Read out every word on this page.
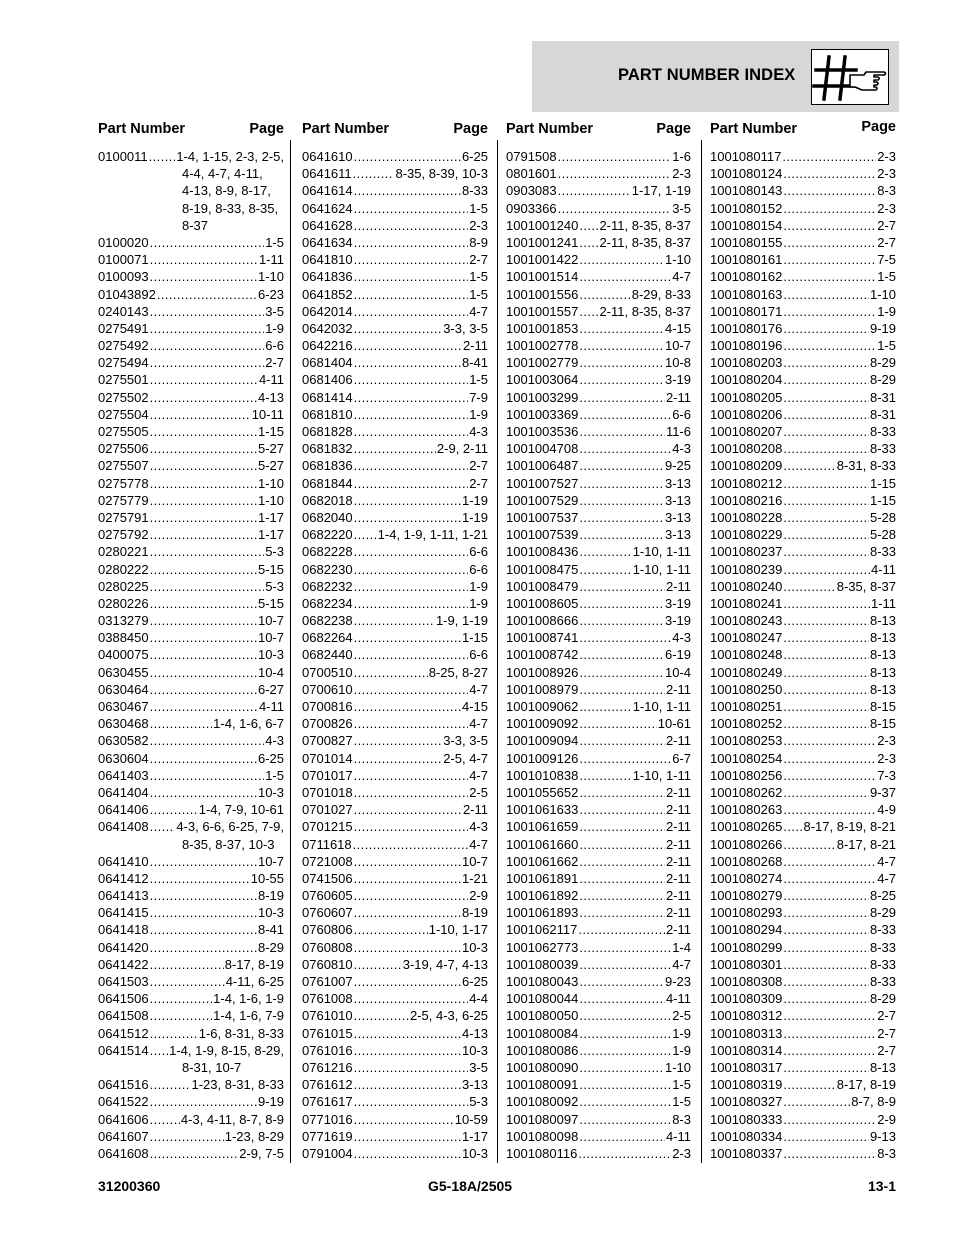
PART NUMBER INDEX
Part Number	Page
0100011 ..... 1-4, 1-15, 2-3, 2-5,
4-4, 4-7, 4-11,
4-13, 8-9, 8-17,
8-19, 8-33, 8-35,
8-37
0100020 .....	1-5
0100071 .....	1-11
0100093 .....	1-10
01043892 .....	6-23
0240143 .....	3-5
0275491 .....	1-9
0275492 .....	6-6
0275494 .....	2-7
0275501 .....	4-11
0275502 .....	4-13
0275504 .....	10-11
0275505 .....	1-15
0275506 .....	5-27
0275507 .....	5-27
0275778 .....	1-10
0275779 .....	1-10
0275791 .....	1-17
0275792 .....	1-17
0280221 .....	5-3
0280222 .....	5-15
0280225 .....	5-3
0280226 .....	5-15
0313279 .....	10-7
0388450 .....	10-7
0400075 .....	10-3
0630455 .....	10-4
0630464 .....	6-27
0630467 .....	4-11
0630468 .....	1-4, 1-6, 6-7
0630582 .....	4-3
0630604 .....	6-25
0641403 .....	1-5
0641404 .....	10-3
0641406 .....	1-4, 7-9, 10-61
0641408 ..... 4-3, 6-6, 6-25, 7-9,
8-35, 8-37, 10-3
0641410 .....	10-7
0641412 .....	10-55
0641413 .....	8-19
0641415 .....	10-3
0641418 .....	8-41
0641420 .....	8-29
0641422 .....	8-17, 8-19
0641503 .....	4-11, 6-25
0641506 .....	1-4, 1-6, 1-9
0641508 .....	1-4, 1-6, 7-9
0641512 .....	1-6, 8-31, 8-33
0641514 ..... 1-4, 1-9, 8-15, 8-29,
8-31, 10-7
0641516 .....	1-23, 8-31, 8-33
0641522 .....	9-19
0641606 ..... 4-3, 4-11, 8-7, 8-9
0641607 .....	1-23, 8-29
0641608 .....	2-9, 7-5
Part Number	Page
0641610 .....	6-25
0641611 .....	8-35, 8-39, 10-3
0641614 .....	8-33
0641624 .....	1-5
0641628 .....	2-3
0641634 .....	8-9
0641810 .....	2-7
0641836 .....	1-5
0641852 .....	1-5
0642014 .....	4-7
0642032 .....	3-3, 3-5
0642216 .....	2-11
0681404 .....	8-41
0681406 .....	1-5
0681414 .....	7-9
0681810 .....	1-9
0681828 .....	4-3
0681832 .....	2-9, 2-11
0681836 .....	2-7
0681844 .....	2-7
0682018 .....	1-19
0682040 .....	1-19
0682220 ..... 1-4, 1-9, 1-11, 1-21
0682228 .....	6-6
0682230 .....	6-6
0682232 .....	1-9
0682234 .....	1-9
0682238 .....	1-9, 1-19
0682264 .....	1-15
0682440 .....	6-6
0700510 .....	8-25, 8-27
0700610 .....	4-7
0700816 .....	4-15
0700826 .....	4-7
0700827 .....	3-3, 3-5
0701014 .....	2-5, 4-7
0701017 .....	4-7
0701018 .....	2-5
0701027 .....	2-11
0701215 .....	4-3
0711618 .....	4-7
0721008 .....	10-7
0741506 .....	1-21
0760605 .....	2-9
0760607 .....	8-19
0760806 .....	1-10, 1-17
0760808 .....	10-3
0760810 .....	3-19, 4-7, 4-13
0761007 .....	6-25
0761008 .....	4-4
0761010 .....	2-5, 4-3, 6-25
0761015 .....	4-13
0761016 .....	10-3
0761216 .....	3-5
0761612 .....	3-13
0761617 .....	5-3
0771016 .....	10-59
0771619 .....	1-17
0791004 .....	10-3
Part Number	Page
0791508 .....	1-6
0801601 .....	2-3
0903083 .....	1-17, 1-19
0903366 .....	3-5
1001001240 ..... 2-11, 8-35, 8-37
1001001241 ..... 2-11, 8-35, 8-37
1001001422 .....	1-10
1001001514 .....	4-7
1001001556 .....	8-29, 8-33
1001001557 ..... 2-11, 8-35, 8-37
1001001853 .....	4-15
1001002778 .....	10-7
1001002779 .....	10-8
1001003064 .....	3-19
1001003299 .....	2-11
1001003369 .....	6-6
1001003536 .....	11-6
1001004708 .....	4-3
1001006487 .....	9-25
1001007527 .....	3-13
1001007529 .....	3-13
1001007537 .....	3-13
1001007539 .....	3-13
1001008436 .....	1-10, 1-11
1001008475 .....	1-10, 1-11
1001008479 .....	2-11
1001008605 .....	3-19
1001008666 .....	3-19
1001008741 .....	4-3
1001008742 .....	6-19
1001008926 .....	10-4
1001008979 .....	2-11
1001009062 .....	1-10, 1-11
1001009092 .....	10-61
1001009094 .....	2-11
1001009126 .....	6-7
1001010838 .....	1-10, 1-11
1001055652 .....	2-11
1001061633 .....	2-11
1001061659 .....	2-11
1001061660 .....	2-11
1001061662 .....	2-11
1001061891 .....	2-11
1001061892 .....	2-11
1001061893 .....	2-11
1001062117 .....	2-11
1001062773 .....	1-4
1001080039 .....	4-7
1001080043 .....	9-23
1001080044 .....	4-11
1001080050 .....	2-5
1001080084 .....	1-9
1001080086 .....	1-9
1001080090 .....	1-10
1001080091 .....	1-5
1001080092 .....	1-5
1001080097 .....	8-3
1001080098 .....	4-11
1001080116 .....	2-3
Part Number	Page
1001080117 .....	2-3
1001080124 .....	2-3
1001080143 .....	8-3
1001080152 .....	2-3
1001080154 .....	2-7
1001080155 .....	2-7
1001080161 .....	7-5
1001080162 .....	1-5
1001080163 .....	1-10
1001080171 .....	1-9
1001080176 .....	9-19
1001080196 .....	1-5
1001080203 .....	8-29
1001080204 .....	8-29
1001080205 .....	8-31
1001080206 .....	8-31
1001080207 .....	8-33
1001080208 .....	8-33
1001080209 .....	8-31, 8-33
1001080212 .....	1-15
1001080216 .....	1-15
1001080228 .....	5-28
1001080229 .....	5-28
1001080237 .....	8-33
1001080239 .....	4-11
1001080240 .....	8-35, 8-37
1001080241 .....	1-11
1001080243 .....	8-13
1001080247 .....	8-13
1001080248 .....	8-13
1001080249 .....	8-13
1001080250 .....	8-13
1001080251 .....	8-15
1001080252 .....	8-15
1001080253 .....	2-3
1001080254 .....	2-3
1001080256 .....	7-3
1001080262 .....	9-37
1001080263 .....	4-9
1001080265 ..... 8-17, 8-19, 8-21
1001080266 .....	8-17, 8-21
1001080268 .....	4-7
1001080274 .....	4-7
1001080279 .....	8-25
1001080293 .....	8-29
1001080294 .....	8-33
1001080299 .....	8-33
1001080301 .....	8-33
1001080308 .....	8-33
1001080309 .....	8-29
1001080312 .....	2-7
1001080313 .....	2-7
1001080314 .....	2-7
1001080317 .....	8-13
1001080319 .....	8-17, 8-19
1001080327 .....	8-7, 8-9
1001080333 .....	2-9
1001080334 .....	9-13
1001080337 .....	8-3
31200360	G5-18A/2505	13-1
